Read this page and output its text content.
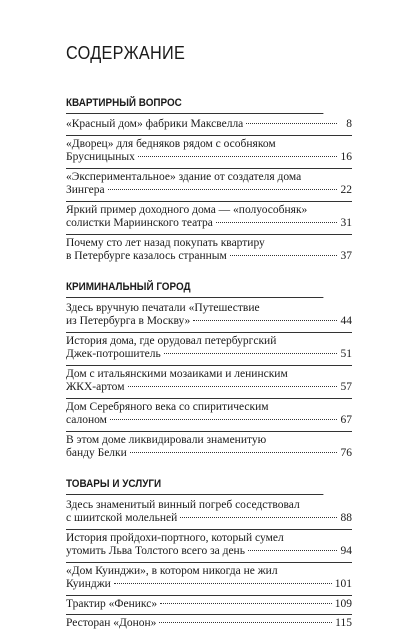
СОДЕРЖАНИЕ
КВАРТИРНЫЙ ВОПРОС
«Красный дом» фабрики Максвелла	8
«Дворец» для бедняков рядом с особняком
Брусницыных	16
«Экспериментальное» здание от создателя дома
Зингера	22
Яркий пример доходного дома — «полуособняк»
солистки Мариинского театра	31
Почему сто лет назад покупать квартиру
в Петербурге казалось странным	37
КРИМИНАЛЬНЫЙ ГОРОД
Здесь вручную печатали «Путешествие
из Петербурга в Москву»	44
История дома, где орудовал петербургский
Джек-потрошитель	51
Дом с итальянскими мозаиками и ленинским
ЖКХ-артом	57
Дом Серебряного века со спиритическим
салоном	67
В этом доме ликвидировали знаменитую
банду Белки	76
ТОВАРЫ И УСЛУГИ
Здесь знаменитый винный погреб соседствовал
с шиитской молельней	88
История пройдохи-портного, который сумел
утомить Льва Толстого всего за день	94
«Дом Куинджи», в котором никогда не жил
Куинджи	101
Трактир «Феникс»	109
Ресторан «Донон»	115
